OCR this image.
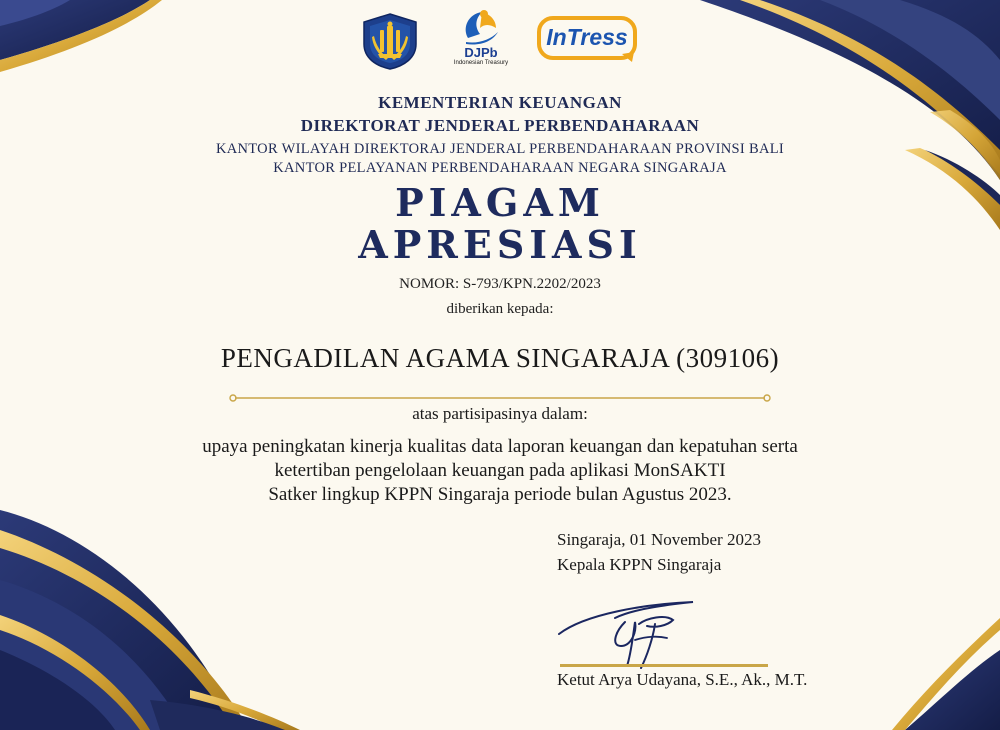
DJPb
Indonesian Treasury
InTress
KEMENTERIAN KEUANGAN
DIREKTORAT JENDERAL PERBENDAHARAAN
KANTOR WILAYAH DIREKTORAJ JENDERAL PERBENDAHARAAN PROVINSI BALI
KANTOR PELAYANAN PERBENDAHARAAN NEGARA SINGARAJA
PIAGAM
APRESIASI
NOMOR: S-793/KPN.2202/2023
diberikan kepada:
PENGADILAN AGAMA SINGARAJA (309106)
atas partisipasinya dalam:
upaya peningkatan kinerja kualitas data laporan keuangan dan kepatuhan serta
ketertiban pengelolaan keuangan pada aplikasi MonSAKTI
Satker lingkup KPPN Singaraja periode bulan Agustus 2023.
Singaraja, 01 November 2023
Kepala KPPN Singaraja
Ketut Arya Udayana, S.E., Ak., M.T.
